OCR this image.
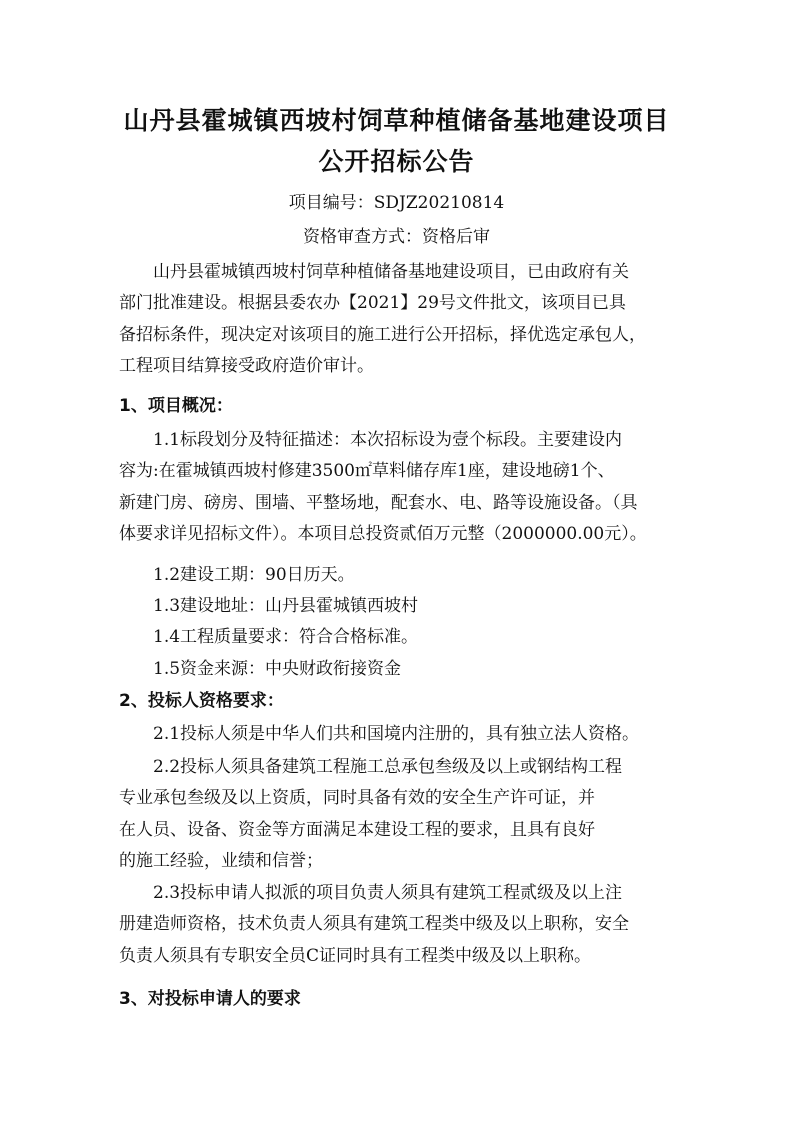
山丹县霍城镇西坡村饲草种植储备基地建设项目
公开招标公告
项目编号：SDJZ20210814
资格审查方式：资格后审
山丹县霍城镇西坡村饲草种植储备基地建设项目，已由政府有关
部门批准建设。根据县委农办【2021】29号文件批文，该项目已具
备招标条件，现决定对该项目的施工进行公开招标，择优选定承包人，
工程项目结算接受政府造价审计。
1、项目概况：
1.1标段划分及特征描述：本次招标设为壹个标段。主要建设内
容为:在霍城镇西坡村修建3500㎡草料储存库1座，建设地磅1个、
新建门房、磅房、围墙、平整场地，配套水、电、路等设施设备。（具
体要求详见招标文件）。本项目总投资贰佰万元整（2000000.00元）。
1.2建设工期：90日历天。
1.3建设地址：山丹县霍城镇西坡村
1.4工程质量要求：符合合格标准。
1.5资金来源：中央财政衔接资金
2、投标人资格要求：
2.1投标人须是中华人们共和国境内注册的，具有独立法人资格。
2.2投标人须具备建筑工程施工总承包叁级及以上或钢结构工程
专业承包叁级及以上资质，同时具备有效的安全生产许可证，并
在人员、设备、资金等方面满足本建设工程的要求，且具有良好
的施工经验，业绩和信誉；
2.3投标申请人拟派的项目负责人须具有建筑工程贰级及以上注
册建造师资格，技术负责人须具有建筑工程类中级及以上职称，安全
负责人须具有专职安全员C证同时具有工程类中级及以上职称。
3、对投标申请人的要求
